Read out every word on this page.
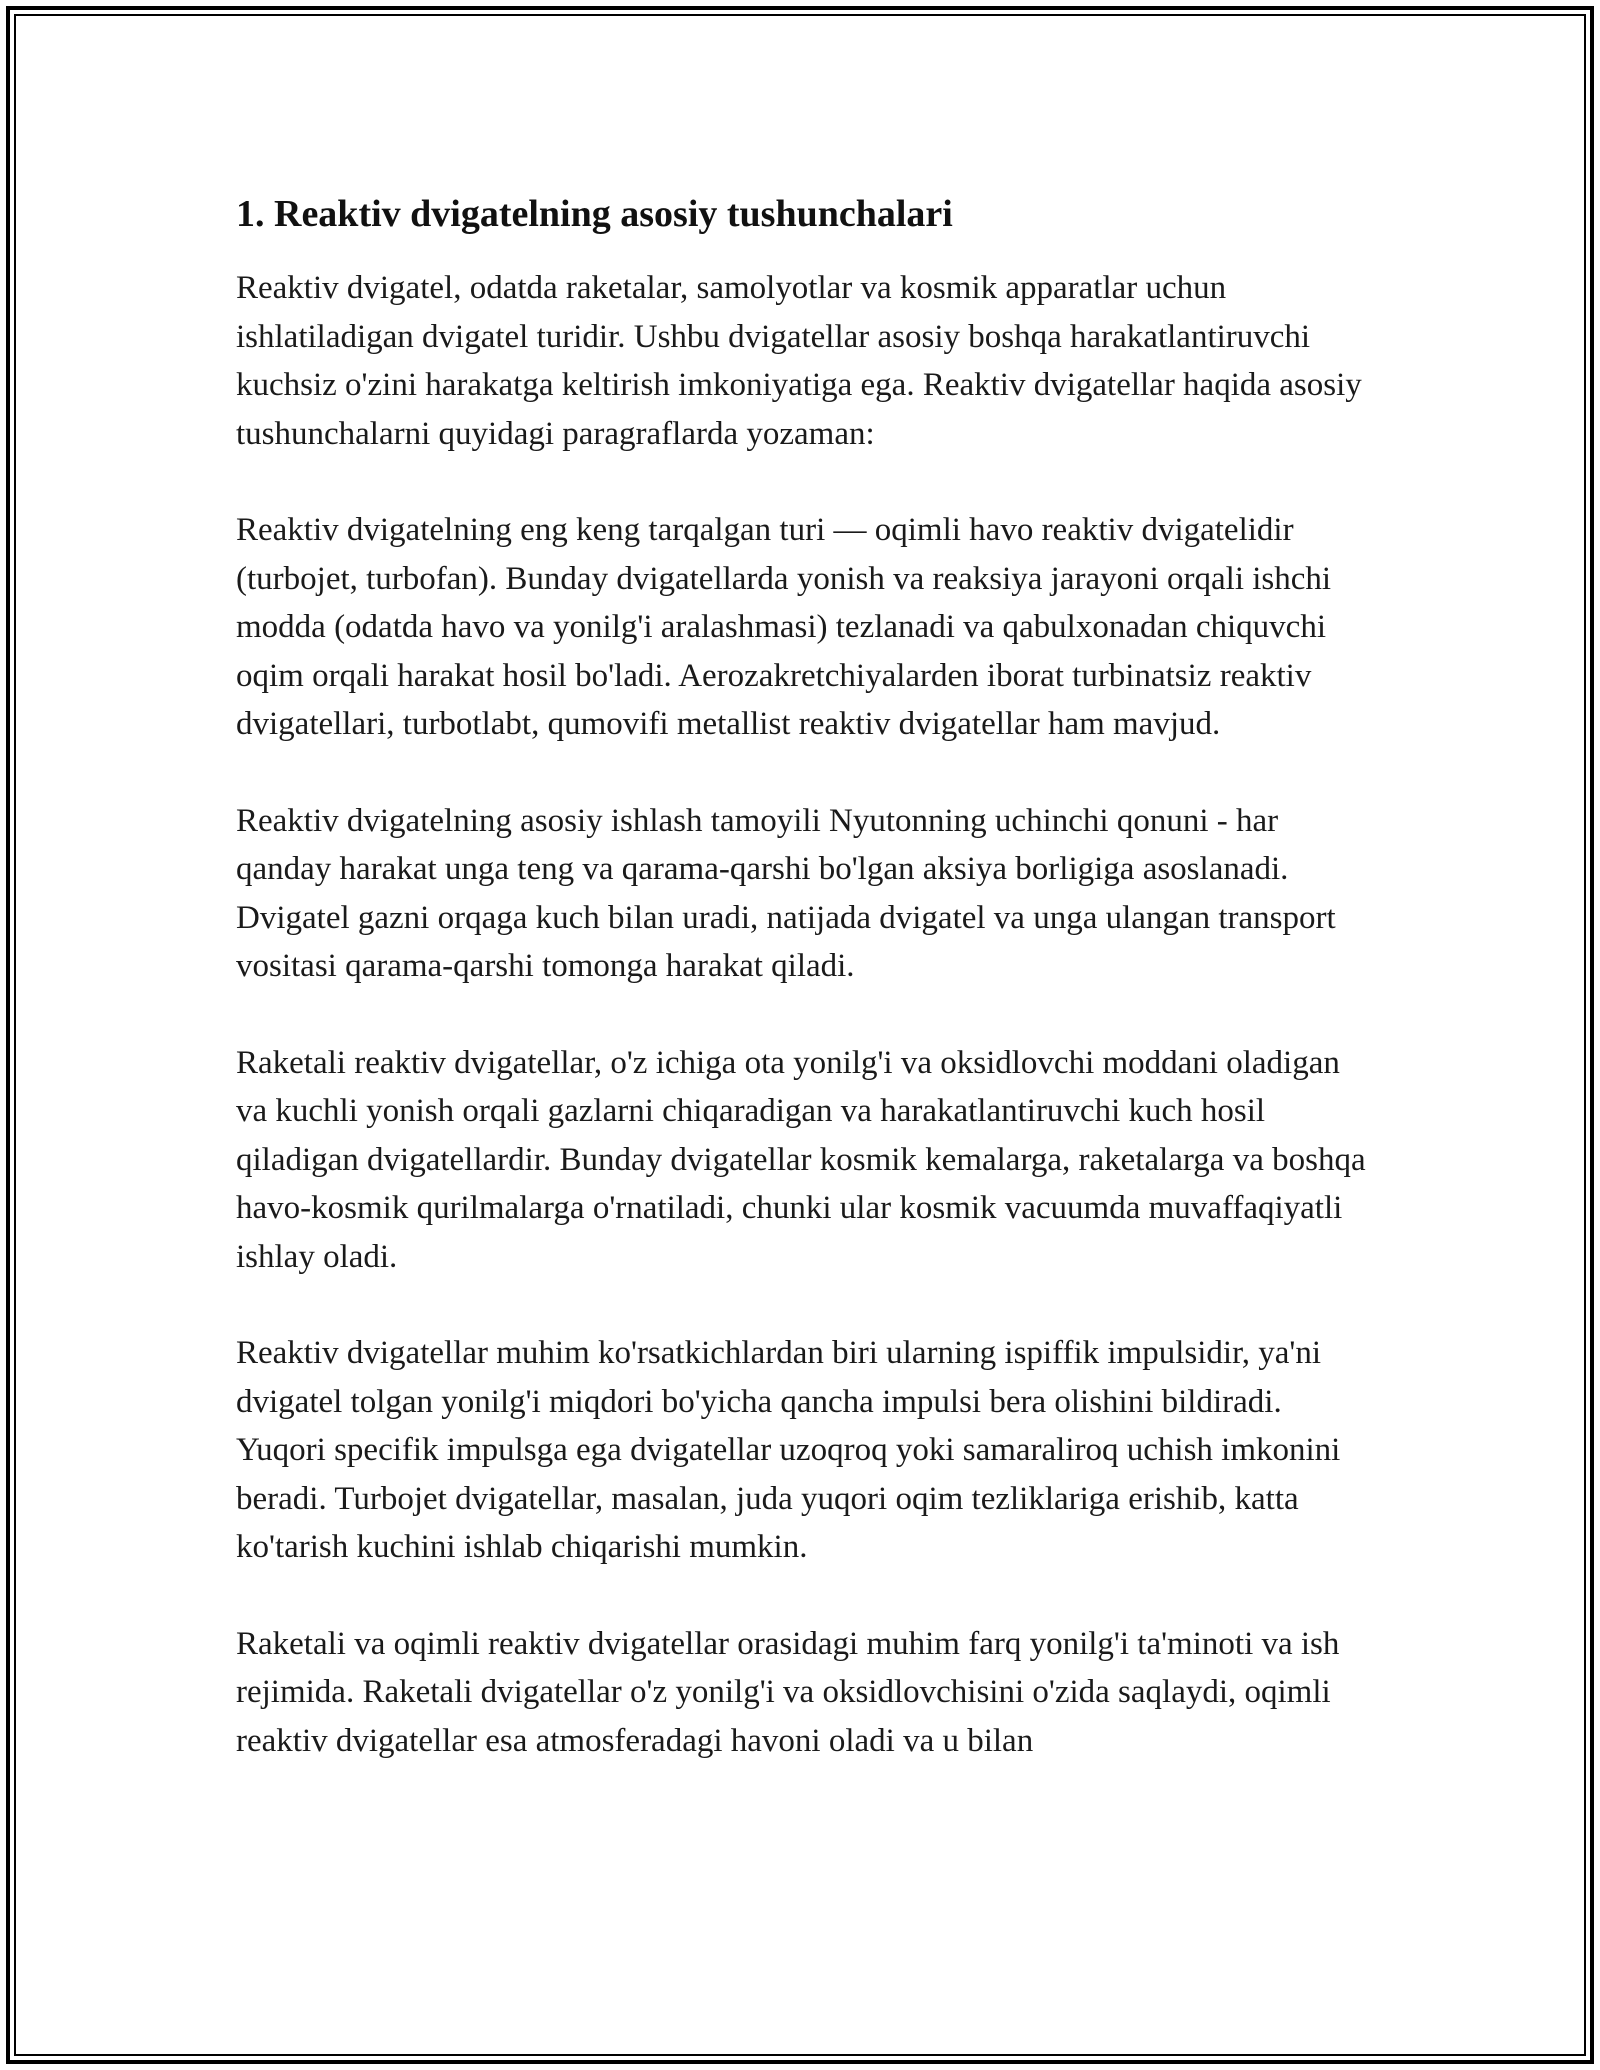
1. Reaktiv dvigatelning asosiy tushunchalari

Reaktiv dvigatel, odatda raketalar, samolyotlar va kosmik apparatlar uchun ishlatiladigan dvigatel turidir. Ushbu dvigatellar asosiy boshqa harakatlantiruvchi kuchsiz o'zini harakatga keltirish imkoniyatiga ega. Reaktiv dvigatellar haqida asosiy tushunchalarni quyidagi paragraflarda yozaman:

Reaktiv dvigatelning eng keng tarqalgan turi — oqimli havo reaktiv dvigatelidir (turbojet, turbofan). Bunday dvigatellarda yonish va reaksiya jarayoni orqali ishchi modda (odatda havo va yonilg'i aralashmasi) tezlanadi va qabulxonadan chiquvchi oqim orqali harakat hosil bo'ladi. Aerozakretchiyalarden iborat turbinatsiz reaktiv dvigatellari, turbotlabt, qumovifi metallist reaktiv dvigatellar ham mavjud.

Reaktiv dvigatelning asosiy ishlash tamoyili Nyutonning uchinchi qonuni - har qanday harakat unga teng va qarama-qarshi bo'lgan aksiya borligiga asoslanadi. Dvigatel gazni orqaga kuch bilan uradi, natijada dvigatel va unga ulangan transport vositasi qarama-qarshi tomonga harakat qiladi.

Raketali reaktiv dvigatellar, o'z ichiga ota yonilg'i va oksidlovchi moddani oladigan va kuchli yonish orqali gazlarni chiqaradigan va harakatlantiruvchi kuch hosil qiladigan dvigatellardir. Bunday dvigatellar kosmik kemalarga, raketalarga va boshqa havo-kosmik qurilmalarga o'rnatiladi, chunki ular kosmik vacuumda muvaffaqiyatli ishlay oladi.

Reaktiv dvigatellar muhim ko'rsatkichlardan biri ularning ispiffik impulsidir, ya'ni dvigatel tolgan yonilg'i miqdori bo'yicha qancha impulsi bera olishini bildiradi. Yuqori specifik impulsga ega dvigatellar uzoqroq yoki samaraliroq uchish imkonini beradi. Turbojet dvigatellar, masalan, juda yuqori oqim tezliklariga erishib, katta ko'tarish kuchini ishlab chiqarishi mumkin.

Raketali va oqimli reaktiv dvigatellar orasidagi muhim farq yonilg'i ta'minoti va ish rejimida. Raketali dvigatellar o'z yonilg'i va oksidlovchisini o'zida saqlaydi, oqimli reaktiv dvigatellar esa atmosferadagi havoni oladi va u bilan
